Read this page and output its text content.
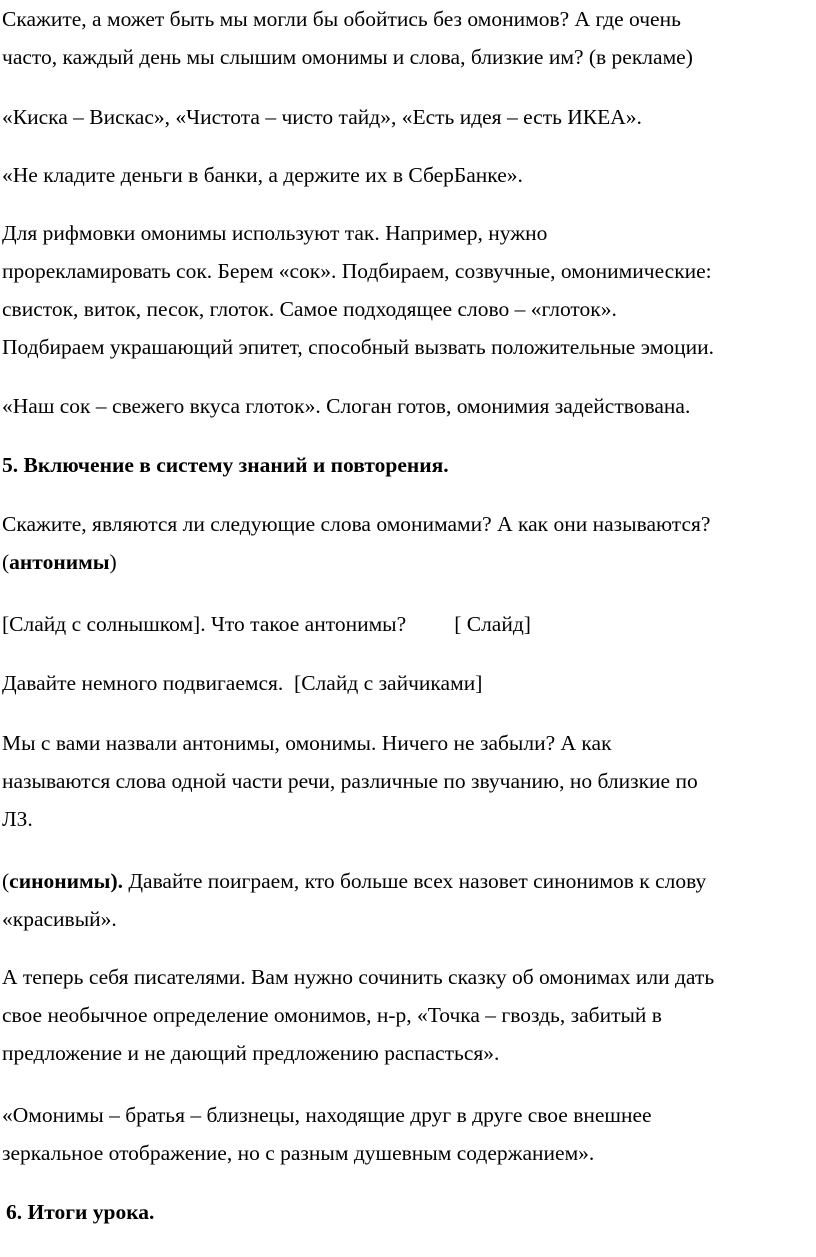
Скажите, а может быть мы могли бы обойтись без омонимов? А где очень
часто, каждый день мы слышим омонимы и слова, близкие им? (в рекламе)

«Киска – Вискас», «Чистота – чисто тайд», «Есть идея – есть ИКЕА».

«Не кладите деньги в банки, а держите их в СберБанке».

Для рифмовки омонимы используют так. Например, нужно
прорекламировать сок. Берем «сок». Подбираем, созвучные, омонимические:
свисток, виток, песок, глоток. Самое подходящее слово – «глоток».
Подбираем украшающий эпитет, способный вызвать положительные эмоции.

«Наш сок – свежего вкуса глоток». Слоган готов, омонимия задействована.

5. Включение в систему знаний и повторения.

Скажите, являются ли следующие слова омонимами? А как они называются?
(антонимы)

[Слайд с солнышком]. Что такое антонимы? [ Слайд]

Давайте немного подвигаемся.  [Слайд с зайчиками]

Мы с вами назвали антонимы, омонимы. Ничего не забыли? А как
называются слова одной части речи, различные по звучанию, но близкие по
ЛЗ.

(синонимы). Давайте поиграем, кто больше всех назовет синонимов к слову
«красивый».

А теперь себя писателями. Вам нужно сочинить сказку об омонимах или дать
свое необычное определение омонимов, н-р, «Точка – гвоздь, забитый в
предложение и не дающий предложению распасться».

«Омонимы – братья – близнецы, находящие друг в друге свое внешнее
зеркальное отображение, но с разным душевным содержанием».

6. Итоги урока.
